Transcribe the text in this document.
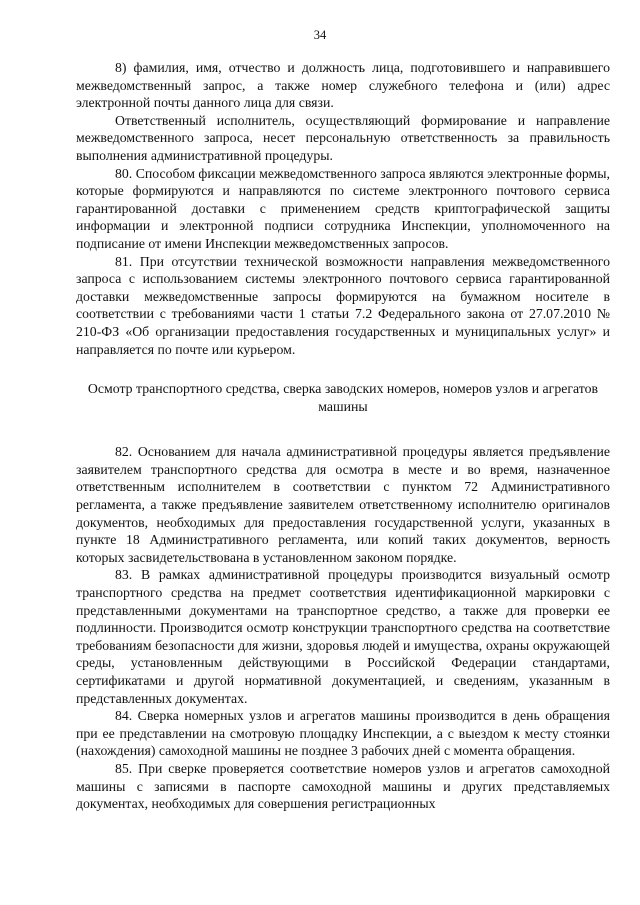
34

8) фамилия, имя, отчество и должность лица, подготовившего и направившего межведомственный запрос, а также номер служебного телефона и (или) адрес электронной почты данного лица для связи.

Ответственный исполнитель, осуществляющий формирование и направление межведомственного запроса, несет персональную ответственность за правильность выполнения административной процедуры.

80. Способом фиксации межведомственного запроса являются электронные формы, которые формируются и направляются по системе электронного почтового сервиса гарантированной доставки с применением средств криптографической защиты информации и электронной подписи сотрудника Инспекции, уполномоченного на подписание от имени Инспекции межведомственных запросов.

81. При отсутствии технической возможности направления межведомственного запроса с использованием системы электронного почтового сервиса гарантированной доставки межведомственные запросы формируются на бумажном носителе в соответствии с требованиями части 1 статьи 7.2 Федерального закона от 27.07.2010 № 210-ФЗ «Об организации предоставления государственных и муниципальных услуг» и направляется по почте или курьером.

Осмотр транспортного средства, сверка заводских номеров, номеров узлов и агрегатов машины

82. Основанием для начала административной процедуры является предъявление заявителем транспортного средства для осмотра в месте и во время, назначенное ответственным исполнителем в соответствии с пунктом 72 Административного регламента, а также предъявление заявителем ответственному исполнителю оригиналов документов, необходимых для предоставления государственной услуги, указанных в пункте 18 Административного регламента, или копий таких документов, верность которых засвидетельствована в установленном законом порядке.

83. В рамках административной процедуры производится визуальный осмотр транспортного средства на предмет соответствия идентификационной маркировки с представленными документами на транспортное средство, а также для проверки ее подлинности. Производится осмотр конструкции транспортного средства на соответствие требованиям безопасности для жизни, здоровья людей и имущества, охраны окружающей среды, установленным действующими в Российской Федерации стандартами, сертификатами и другой нормативной документацией, и сведениям, указанным в представленных документах.

84. Сверка номерных узлов и агрегатов машины производится в день обращения при ее представлении на смотровую площадку Инспекции, а с выездом к месту стоянки (нахождения) самоходной машины не позднее 3 рабочих дней с момента обращения.

85. При сверке проверяется соответствие номеров узлов и агрегатов самоходной машины с записями в паспорте самоходной машины и других представляемых документах, необходимых для совершения регистрационных
